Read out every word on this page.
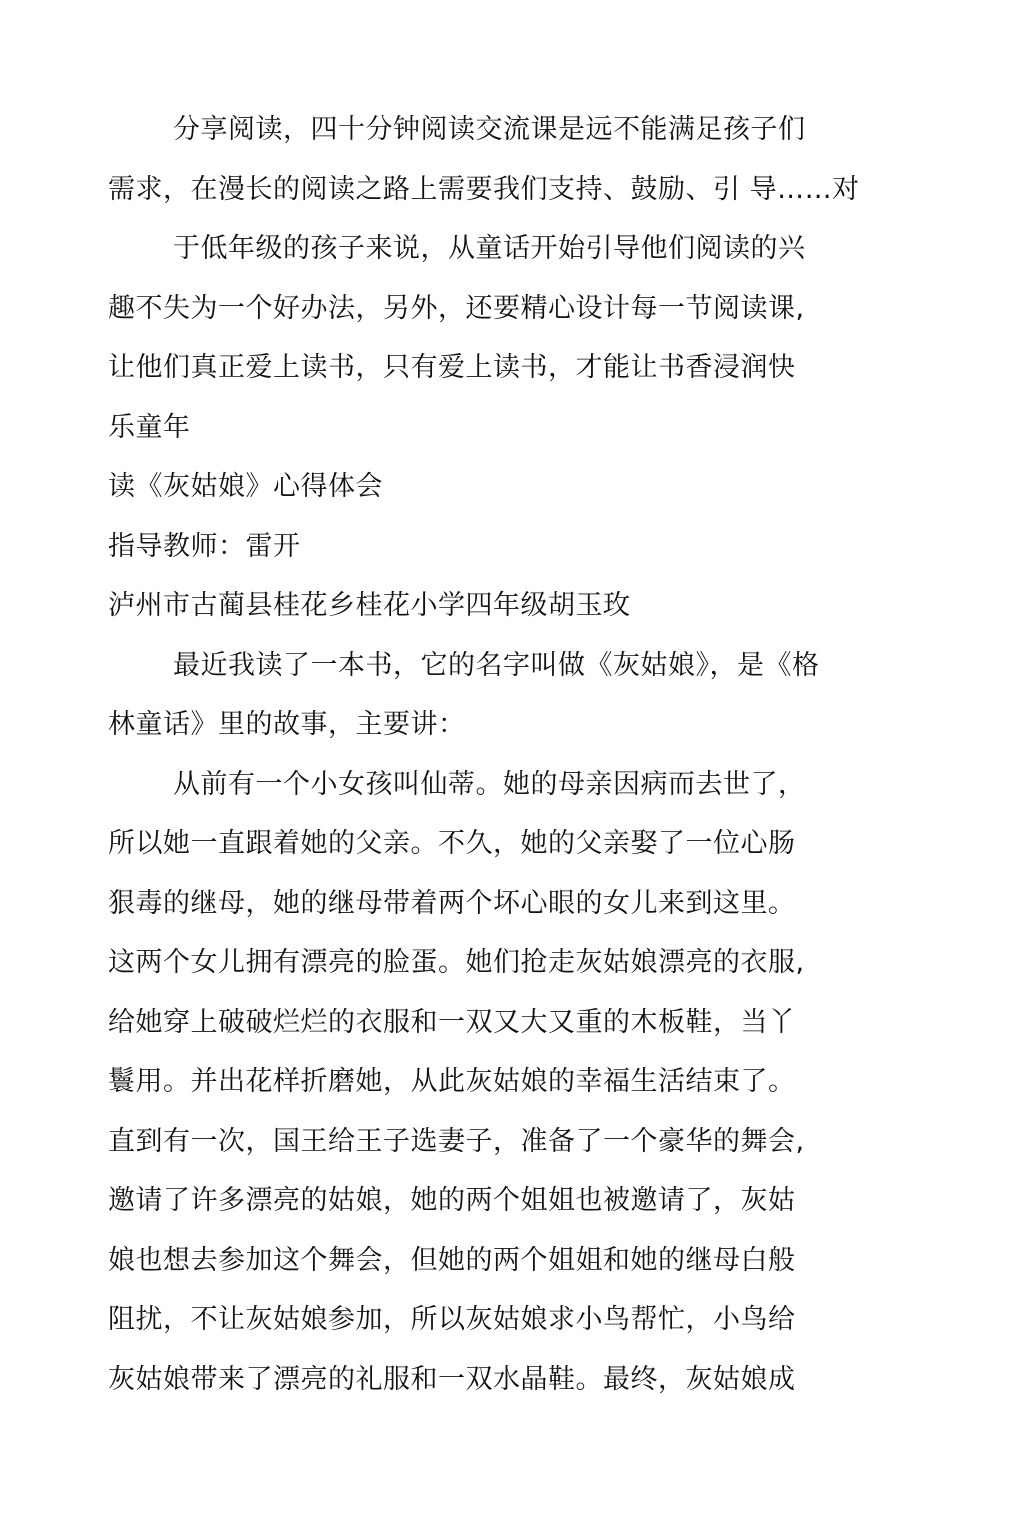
分享阅读，四十分钟阅读交流课是远不能满足孩子们
需求，在漫长的阅读之路上需要我们支持、鼓励、引 导……对
于低年级的孩子来说，从童话开始引导他们阅读的兴
趣不失为一个好办法，另外，还要精心设计每一节阅读课,
让他们真正爱上读书，只有爱上读书，才能让书香浸润快
乐童年
读《灰姑娘》心得体会
指导教师：雷开
泸州市古蔺县桂花乡桂花小学四年级胡玉玫
最近我读了一本书，它的名字叫做《灰姑娘》，是《格
林童话》里的故事，主要讲：
从前有一个小女孩叫仙蒂。她的母亲因病而去世了，
所以她一直跟着她的父亲。不久，她的父亲娶了一位心肠
狠毒的继母，她的继母带着两个坏心眼的女儿来到这里。
这两个女儿拥有漂亮的脸蛋。她们抢走灰姑娘漂亮的衣服,
给她穿上破破烂烂的衣服和一双又大又重的木板鞋，当丫
鬟用。并出花样折磨她，从此灰姑娘的幸福生活结束了。
直到有一次，国王给王子选妻子，准备了一个豪华的舞会,
邀请了许多漂亮的姑娘，她的两个姐姐也被邀请了，灰姑
娘也想去参加这个舞会，但她的两个姐姐和她的继母白般
阻扰，不让灰姑娘参加，所以灰姑娘求小鸟帮忙，小鸟给
灰姑娘带来了漂亮的礼服和一双水晶鞋。最终，灰姑娘成
